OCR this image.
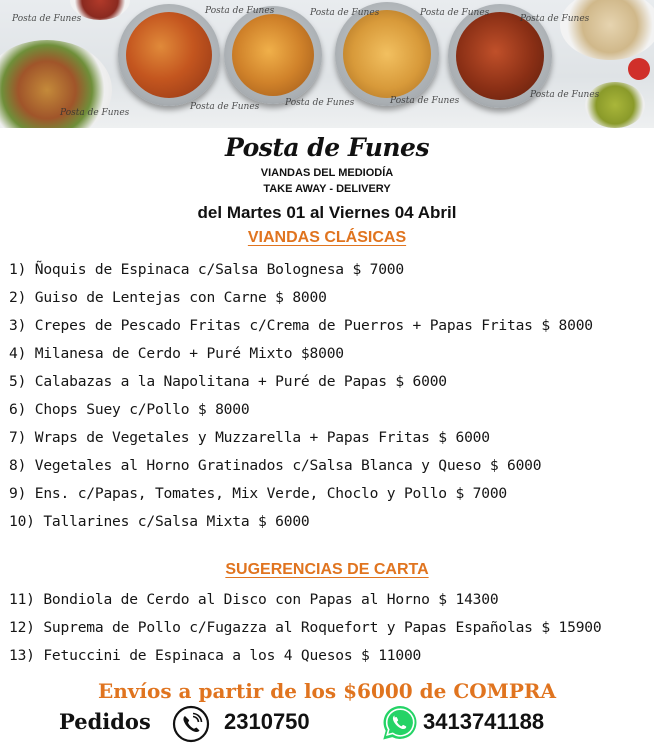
Posta de Funes
Posta de Funes	Posta de Funes	Posta de Funes
Posta de Funes
Posta de Funes
Posta de Funes	Posta de Funes	Posta de Funes
Posta de Funes
Posta de Funes
VIANDAS DEL MEDIODÍA
TAKE AWAY - DELIVERY
del Martes 01 al Viernes 04 Abril
VIANDAS CLÁSICAS
1) Ñoquis de Espinaca c/Salsa Bolognesa $ 7000
2) Guiso de Lentejas con Carne $ 8000
3) Crepes de Pescado Fritas c/Crema de Puerros + Papas Fritas $ 8000
4) Milanesa de Cerdo + Puré Mixto $8000
5) Calabazas a la Napolitana + Puré de Papas $ 6000
6) Chops Suey c/Pollo $ 8000
7) Wraps de Vegetales y Muzzarella + Papas Fritas $ 6000
8) Vegetales al Horno Gratinados c/Salsa Blanca y Queso $ 6000
9) Ens. c/Papas, Tomates, Mix Verde, Choclo y Pollo $ 7000
10) Tallarines c/Salsa Mixta $ 6000
SUGERENCIAS DE CARTA
11) Bondiola de Cerdo al Disco con Papas al Horno $ 14300
12) Suprema de Pollo c/Fugazza al Roquefort y Papas Españolas $ 15900
13) Fetuccini de Espinaca a los 4 Quesos $ 11000
Envíos a partir de los $6000 de COMPRA
Pedidos	2310750	3413741188
